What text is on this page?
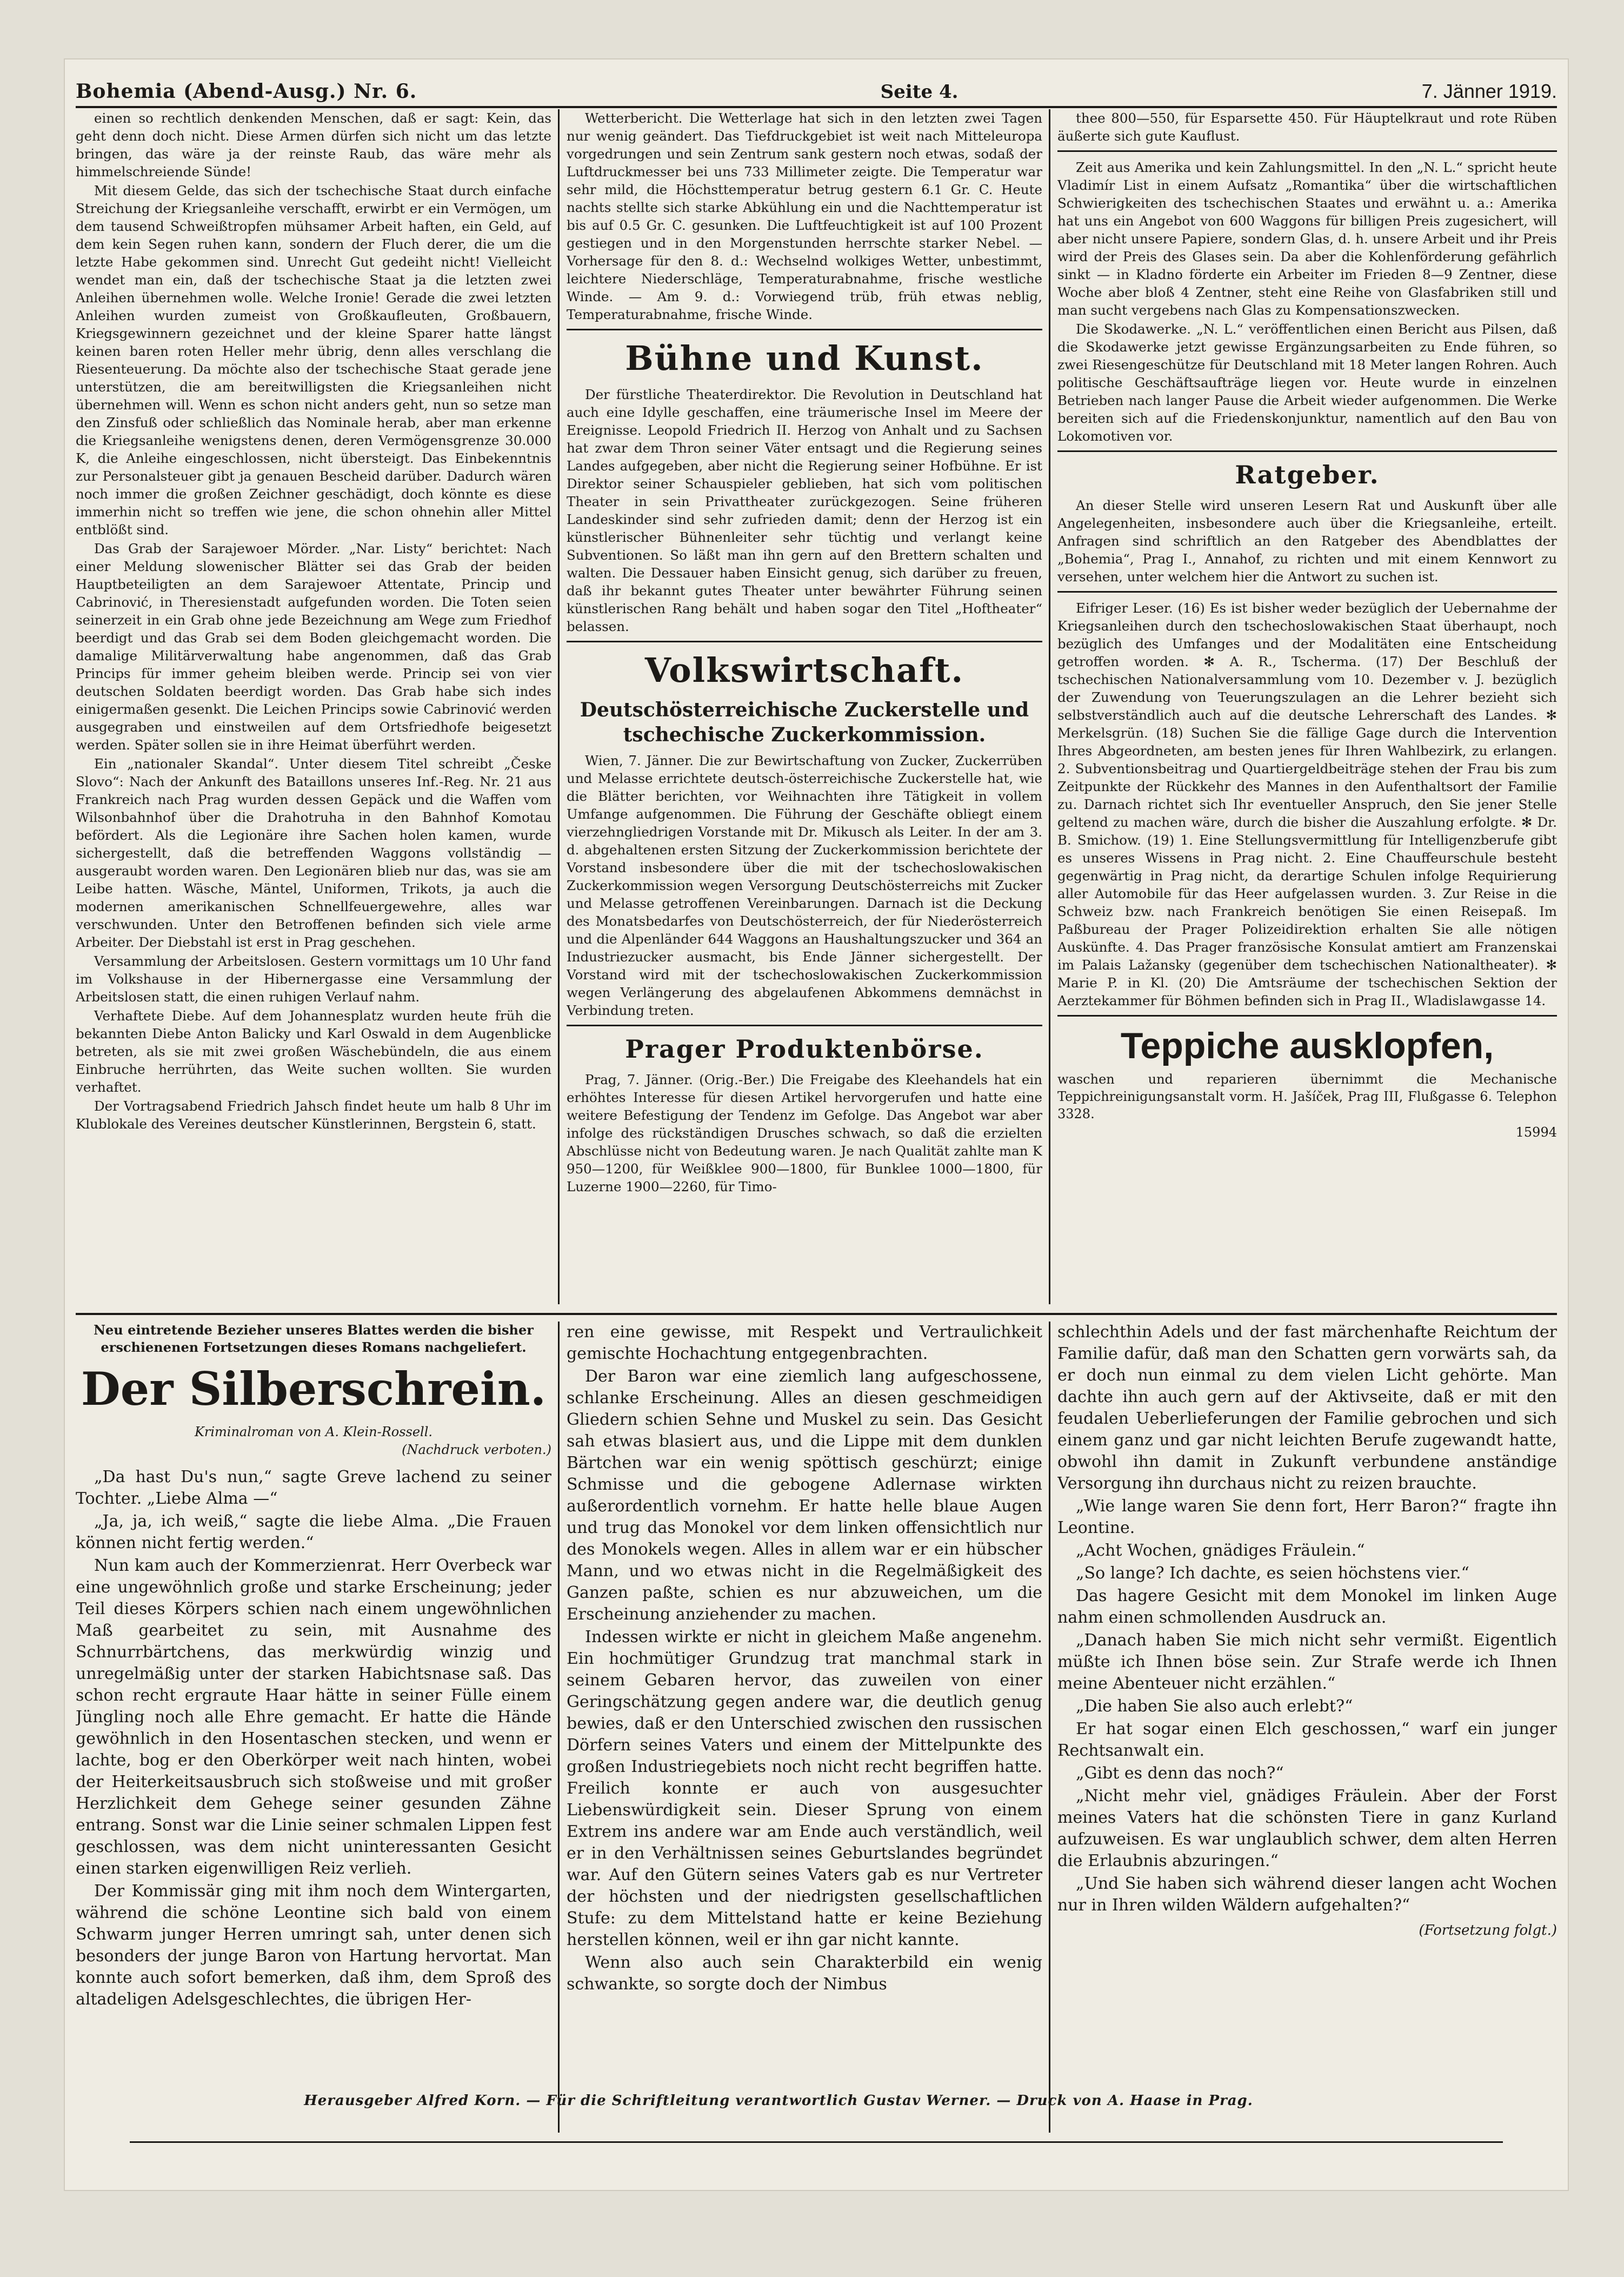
Bohemia (Abend-Ausg.) Nr. 6.	Seite 4.	7. Jänner 1919.

einen so rechtlich denkenden Menschen, daß er sagt: Kein, das geht denn doch nicht. Diese Armen dürfen sich nicht um das letzte bringen, das wäre ja der reinste Raub, das wäre mehr als himmelschreiende Sünde!

Mit diesem Gelde, das sich der tschechische Staat durch einfache Streichung der Kriegsanleihe verschafft, erwirbt er ein Vermögen, um dem tausend Schweißtropfen mühsamer Arbeit haften, ein Geld, auf dem kein Segen ruhen kann, sondern der Fluch derer, die um die letzte Habe gekommen sind. Unrecht Gut gedeiht nicht! Vielleicht wendet man ein, daß der tschechische Staat ja die letzten zwei Anleihen übernehmen wolle. Welche Ironie! Gerade die zwei letzten Anleihen wurden zumeist von Großkaufleuten, Großbauern, Kriegsgewinnern gezeichnet und der kleine Sparer hatte längst keinen baren roten Heller mehr übrig, denn alles verschlang die Riesenteuerung. Da möchte also der tschechische Staat gerade jene unterstützen, die am bereitwilligsten die Kriegsanleihen nicht übernehmen will. Wenn es schon nicht anders geht, nun so setze man den Zinsfuß oder schließlich das Nominale herab, aber man erkenne die Kriegsanleihe wenigstens denen, deren Vermögensgrenze 30.000 K, die Anleihe eingeschlossen, nicht übersteigt. Das Einbekenntnis zur Personalsteuer gibt ja genauen Bescheid darüber. Dadurch wären noch immer die großen Zeichner geschädigt, doch könnte es diese immerhin nicht so treffen wie jene, die schon ohnehin aller Mittel entblößt sind.

Das Grab der Sarajewoer Mörder. „Nar. Listy“ berichtet: Nach einer Meldung slowenischer Blätter sei das Grab der beiden Hauptbeteiligten an dem Sarajewoer Attentate, Princip und Cabrinović, in Theresienstadt aufgefunden worden. Die Toten seien seinerzeit in ein Grab ohne jede Bezeichnung am Wege zum Friedhof beerdigt und das Grab sei dem Boden gleichgemacht worden. Die damalige Militärverwaltung habe angenommen, daß das Grab Princips für immer geheim bleiben werde. Princip sei von vier deutschen Soldaten beerdigt worden. Das Grab habe sich indes einigermaßen gesenkt. Die Leichen Princips sowie Cabrinović werden ausgegraben und einstweilen auf dem Ortsfriedhofe beigesetzt werden. Später sollen sie in ihre Heimat überführt werden.

Ein „nationaler Skandal“. Unter diesem Titel schreibt „Česke Slovo“: Nach der Ankunft des Bataillons unseres Inf.-Reg. Nr. 21 aus Frankreich nach Prag wurden dessen Gepäck und die Waffen vom Wilsonbahnhof über die Drahotruha in den Bahnhof Komotau befördert. Als die Legionäre ihre Sachen holen kamen, wurde sichergestellt, daß die betreffenden Waggons vollständig — ausgeraubt worden waren. Den Legionären blieb nur das, was sie am Leibe hatten. Wäsche, Mäntel, Uniformen, Trikots, ja auch die modernen amerikanischen Schnellfeuergewehre, alles war verschwunden. Unter den Betroffenen befinden sich viele arme Arbeiter. Der Diebstahl ist erst in Prag geschehen.

Versammlung der Arbeitslosen. Gestern vormittags um 10 Uhr fand im Volkshause in der Hibernergasse eine Versammlung der Arbeitslosen statt, die einen ruhigen Verlauf nahm.

Verhaftete Diebe. Auf dem Johannesplatz wurden heute früh die bekannten Diebe Anton Balicky und Karl Oswald in dem Augenblicke betreten, als sie mit zwei großen Wäschebündeln, die aus einem Einbruche herrührten, das Weite suchen wollten. Sie wurden verhaftet.

Der Vortragsabend Friedrich Jahsch findet heute um halb 8 Uhr im Klublokale des Vereines deutscher Künstlerinnen, Bergstein 6, statt.

Wetterbericht. Die Wetterlage hat sich in den letzten zwei Tagen nur wenig geändert. Das Tiefdruckgebiet ist weit nach Mitteleuropa vorgedrungen und sein Zentrum sank gestern noch etwas, sodaß der Luftdruckmesser bei uns 733 Millimeter zeigte. Die Temperatur war sehr mild, die Höchsttemperatur betrug gestern 6.1 Gr. C. Heute nachts stellte sich starke Abkühlung ein und die Nachttemperatur ist bis auf 0.5 Gr. C. gesunken. Die Luftfeuchtigkeit ist auf 100 Prozent gestiegen und in den Morgenstunden herrschte starker Nebel. — Vorhersage für den 8. d.: Wechselnd wolkiges Wetter, unbestimmt, leichtere Niederschläge, Temperaturabnahme, frische westliche Winde. — Am 9. d.: Vorwiegend trüb, früh etwas neblig, Temperaturabnahme, frische Winde.

Bühne und Kunst.

Der fürstliche Theaterdirektor. Die Revolution in Deutschland hat auch eine Idylle geschaffen, eine träumerische Insel im Meere der Ereignisse. Leopold Friedrich II. Herzog von Anhalt und zu Sachsen hat zwar dem Thron seiner Väter entsagt und die Regierung seines Landes aufgegeben, aber nicht die Regierung seiner Hofbühne. Er ist Direktor seiner Schauspieler geblieben, hat sich vom politischen Theater in sein Privattheater zurückgezogen. Seine früheren Landeskinder sind sehr zufrieden damit; denn der Herzog ist ein künstlerischer Bühnenleiter sehr tüchtig und verlangt keine Subventionen. So läßt man ihn gern auf den Brettern schalten und walten. Die Dessauer haben Einsicht genug, sich darüber zu freuen, daß ihr bekannt gutes Theater unter bewährter Führung seinen künstlerischen Rang behält und haben sogar den Titel „Hoftheater“ belassen.

Volkswirtschaft.
Deutschösterreichische Zuckerstelle und tschechische Zuckerkommission.

Wien, 7. Jänner. Die zur Bewirtschaftung von Zucker, Zuckerrüben und Melasse errichtete deutsch-österreichische Zuckerstelle hat, wie die Blätter berichten, vor Weihnachten ihre Tätigkeit in vollem Umfange aufgenommen. Die Führung der Geschäfte obliegt einem vierzehngliedrigen Vorstande mit Dr. Mikusch als Leiter. In der am 3. d. abgehaltenen ersten Sitzung der Zuckerkommission berichtete der Vorstand insbesondere über die mit der tschechoslowakischen Zuckerkommission wegen Versorgung Deutschösterreichs mit Zucker und Melasse getroffenen Vereinbarungen. Darnach ist die Deckung des Monatsbedarfes von Deutschösterreich, der für Niederösterreich und die Alpenländer 644 Waggons an Haushaltungszucker und 364 an Industriezucker ausmacht, bis Ende Jänner sichergestellt. Der Vorstand wird mit der tschechoslowakischen Zuckerkommission wegen Verlängerung des abgelaufenen Abkommens demnächst in Verbindung treten.

Prager Produktenbörse.

Prag, 7. Jänner. (Orig.-Ber.) Die Freigabe des Kleehandels hat ein erhöhtes Interesse für diesen Artikel hervorgerufen und hatte eine weitere Befestigung der Tendenz im Gefolge. Das Angebot war aber infolge des rückständigen Drusches schwach, so daß die erzielten Abschlüsse nicht von Bedeutung waren. Je nach Qualität zahlte man K 950—1200, für Weißklee 900—1800, für Bunklee 1000—1800, für Luzerne 1900—2260, für Timo-

thee 800—550, für Esparsette 450. Für Häuptelkraut und rote Rüben äußerte sich gute Kauflust.

Zeit aus Amerika und kein Zahlungsmittel. In den „N. L.“ spricht heute Vladimír List in einem Aufsatz „Romantika“ über die wirtschaftlichen Schwierigkeiten des tschechischen Staates und erwähnt u. a.: Amerika hat uns ein Angebot von 600 Waggons für billigen Preis zugesichert, will aber nicht unsere Papiere, sondern Glas, d. h. unsere Arbeit und ihr Preis wird der Preis des Glases sein. Da aber die Kohlenförderung gefährlich sinkt — in Kladno förderte ein Arbeiter im Frieden 8—9 Zentner, diese Woche aber bloß 4 Zentner, steht eine Reihe von Glasfabriken still und man sucht vergebens nach Glas zu Kompensationszwecken.

Die Skodawerke. „N. L.“ veröffentlichen einen Bericht aus Pilsen, daß die Skodawerke jetzt gewisse Ergänzungsarbeiten zu Ende führen, so zwei Riesengeschütze für Deutschland mit 18 Meter langen Rohren. Auch politische Geschäftsaufträge liegen vor. Heute wurde in einzelnen Betrieben nach langer Pause die Arbeit wieder aufgenommen. Die Werke bereiten sich auf die Friedenskonjunktur, namentlich auf den Bau von Lokomotiven vor.

Ratgeber.

An dieser Stelle wird unseren Lesern Rat und Auskunft über alle Angelegenheiten, insbesondere auch über die Kriegsanleihe, erteilt. Anfragen sind schriftlich an den Ratgeber des Abendblattes der „Bohemia“, Prag I., Annahof, zu richten und mit einem Kennwort zu versehen, unter welchem hier die Antwort zu suchen ist.

Eifriger Leser. (16) Es ist bisher weder bezüglich der Uebernahme der Kriegsanleihen durch den tschechoslowakischen Staat überhaupt, noch bezüglich des Umfanges und der Modalitäten eine Entscheidung getroffen worden. ✻ A. R., Tscherma. (17) Der Beschluß der tschechischen Nationalversammlung vom 10. Dezember v. J. bezüglich der Zuwendung von Teuerungszulagen an die Lehrer bezieht sich selbstverständlich auch auf die deutsche Lehrerschaft des Landes. ✻ Merkelsgrün. (18) Suchen Sie die fällige Gage durch die Intervention Ihres Abgeordneten, am besten jenes für Ihren Wahlbezirk, zu erlangen. 2. Subventionsbeitrag und Quartiergeldbeiträge stehen der Frau bis zum Zeitpunkte der Rückkehr des Mannes in den Aufenthaltsort der Familie zu. Darnach richtet sich Ihr eventueller Anspruch, den Sie jener Stelle geltend zu machen wäre, durch die bisher die Auszahlung erfolgte. ✻ Dr. B. Smichow. (19) 1. Eine Stellungsvermittlung für Intelligenzberufe gibt es unseres Wissens in Prag nicht. 2. Eine Chauffeurschule besteht gegenwärtig in Prag nicht, da derartige Schulen infolge Requirierung aller Automobile für das Heer aufgelassen wurden. 3. Zur Reise in die Schweiz bzw. nach Frankreich benötigen Sie einen Reisepaß. Im Paßbureau der Prager Polizeidirektion erhalten Sie alle nötigen Auskünfte. 4. Das Prager französische Konsulat amtiert am Franzenskai im Palais Lažansky (gegenüber dem tschechischen Nationaltheater). ✻ Marie P. in Kl. (20) Die Amtsräume der tschechischen Sektion der Aerztekammer für Böhmen befinden sich in Prag II., Wladislawgasse 14.

Teppiche ausklopfen,
waschen und reparieren übernimmt die Mechanische Teppichreinigungsanstalt vorm. H. Jašíček, Prag III, Flußgasse 6. Telephon 3328.
15994
Neu eintretende Bezieher unseres Blattes werden die bisher erschienenen Fortsetzungen dieses Romans nachgeliefert.
Der Silberschrein.
Kriminalroman von A. Klein-Rossell.
(Nachdruck verboten.)

„Da hast Du's nun,“ sagte Greve lachend zu seiner Tochter. „Liebe Alma —“

„Ja, ja, ich weiß,“ sagte die liebe Alma. „Die Frauen können nicht fertig werden.“

Nun kam auch der Kommerzienrat. Herr Overbeck war eine ungewöhnlich große und starke Erscheinung; jeder Teil dieses Körpers schien nach einem ungewöhnlichen Maß gearbeitet zu sein, mit Ausnahme des Schnurrbärtchens, das merkwürdig winzig und unregelmäßig unter der starken Habichtsnase saß. Das schon recht ergraute Haar hätte in seiner Fülle einem Jüngling noch alle Ehre gemacht. Er hatte die Hände gewöhnlich in den Hosentaschen stecken, und wenn er lachte, bog er den Oberkörper weit nach hinten, wobei der Heiterkeitsausbruch sich stoßweise und mit großer Herzlichkeit dem Gehege seiner gesunden Zähne entrang. Sonst war die Linie seiner schmalen Lippen fest geschlossen, was dem nicht uninteressanten Gesicht einen starken eigenwilligen Reiz verlieh.

Der Kommissär ging mit ihm noch dem Wintergarten, während die schöne Leontine sich bald von einem Schwarm junger Herren umringt sah, unter denen sich besonders der junge Baron von Hartung hervortat. Man konnte auch sofort bemerken, daß ihm, dem Sproß des altadeligen Adelsgeschlechtes, die übrigen Her-

ren eine gewisse, mit Respekt und Vertraulichkeit gemischte Hochachtung entgegenbrachten.

Der Baron war eine ziemlich lang aufgeschossene, schlanke Erscheinung. Alles an diesen geschmeidigen Gliedern schien Sehne und Muskel zu sein. Das Gesicht sah etwas blasiert aus, und die Lippe mit dem dunklen Bärtchen war ein wenig spöttisch geschürzt; einige Schmisse und die gebogene Adlernase wirkten außerordentlich vornehm. Er hatte helle blaue Augen und trug das Monokel vor dem linken offensichtlich nur des Monokels wegen. Alles in allem war er ein hübscher Mann, und wo etwas nicht in die Regelmäßigkeit des Ganzen paßte, schien es nur abzuweichen, um die Erscheinung anziehender zu machen.

Indessen wirkte er nicht in gleichem Maße angenehm. Ein hochmütiger Grundzug trat manchmal stark in seinem Gebaren hervor, das zuweilen von einer Geringschätzung gegen andere war, die deutlich genug bewies, daß er den Unterschied zwischen den russischen Dörfern seines Vaters und einem der Mittelpunkte des großen Industriegebiets noch nicht recht begriffen hatte. Freilich konnte er auch von ausgesuchter Liebenswürdigkeit sein. Dieser Sprung von einem Extrem ins andere war am Ende auch verständlich, weil er in den Verhältnissen seines Geburtslandes begründet war. Auf den Gütern seines Vaters gab es nur Vertreter der höchsten und der niedrigsten gesellschaftlichen Stufe: zu dem Mittelstand hatte er keine Beziehung herstellen können, weil er ihn gar nicht kannte.

Wenn also auch sein Charakterbild ein wenig schwankte, so sorgte doch der Nimbus

schlechthin Adels und der fast märchenhafte Reichtum der Familie dafür, daß man den Schatten gern vorwärts sah, da er doch nun einmal zu dem vielen Licht gehörte. Man dachte ihn auch gern auf der Aktivseite, daß er mit den feudalen Ueberlieferungen der Familie gebrochen und sich einem ganz und gar nicht leichten Berufe zugewandt hatte, obwohl ihn damit in Zukunft verbundene anständige Versorgung ihn durchaus nicht zu reizen brauchte.

„Wie lange waren Sie denn fort, Herr Baron?“ fragte ihn Leontine.

„Acht Wochen, gnädiges Fräulein.“

„So lange? Ich dachte, es seien höchstens vier.“

Das hagere Gesicht mit dem Monokel im linken Auge nahm einen schmollenden Ausdruck an.

„Danach haben Sie mich nicht sehr vermißt. Eigentlich müßte ich Ihnen böse sein. Zur Strafe werde ich Ihnen meine Abenteuer nicht erzählen.“

„Die haben Sie also auch erlebt?“

Er hat sogar einen Elch geschossen,“ warf ein junger Rechtsanwalt ein.

„Gibt es denn das noch?“

„Nicht mehr viel, gnädiges Fräulein. Aber der Forst meines Vaters hat die schönsten Tiere in ganz Kurland aufzuweisen. Es war unglaublich schwer, dem alten Herren die Erlaubnis abzuringen.“

„Und Sie haben sich während dieser langen acht Wochen nur in Ihren wilden Wäldern aufgehalten?“

(Fortsetzung folgt.)
Herausgeber Alfred Korn. — Für die Schriftleitung verantwortlich Gustav Werner. — Druck von A. Haase in Prag.
